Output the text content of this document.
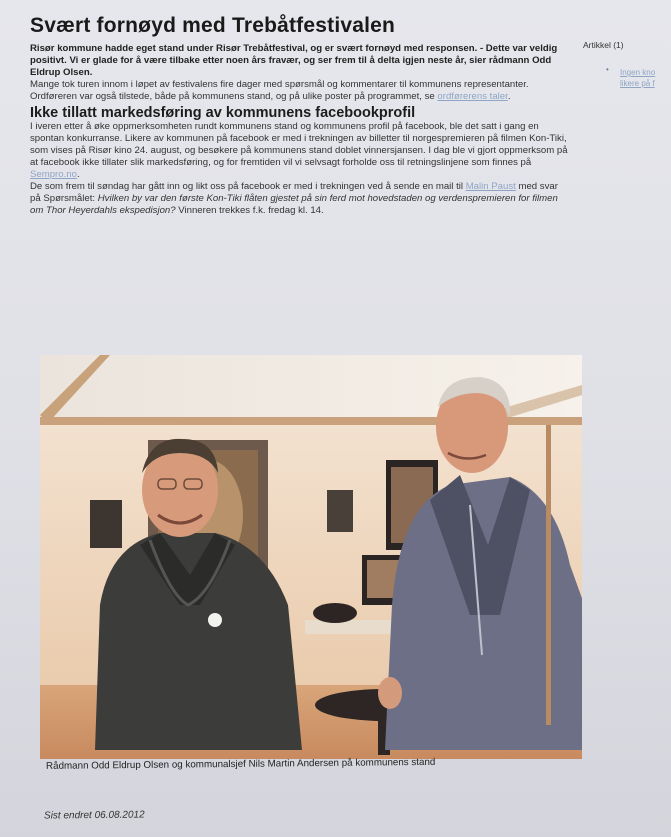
Svært fornøyd med Trebåtfestivalen

Risør kommune hadde eget stand under Risør Trebåtfestival, og er svært fornøyd med responsen. - Dette var veldig positivt. Vi er glade for å være tilbake etter noen års fravær, og ser frem til å delta igjen neste år, sier rådmann Odd Eldrup Olsen.

Mange tok turen innom i løpet av festivalens fire dager med spørsmål og kommentarer til kommunens representanter. Ordføreren var også tilstede, både på kommunens stand, og på ulike poster på programmet, se ordførerens taler.

Ikke tillatt markedsføring av kommunens facebookprofil

I iveren etter å øke oppmerksomheten rundt kommunens stand og kommunens profil på facebook, ble det satt i gang en spontan konkurranse. Likere av kommunen på facebook er med i trekningen av billetter til norgespremieren på filmen Kon-Tiki, som vises på Risør kino 24. august, og besøkere på kommunens stand doblet vinnersjansen. I dag ble vi gjort oppmerksom på at facebook ikke tillater slik markedsføring, og for fremtiden vil vi selvsagt forholde oss til retningslinjene som finnes på Sempro.no.

De som frem til søndag har gått inn og likt oss på facebook er med i trekningen ved å sende en mail til Malin Paust med svar på Spørsmålet: Hvilken by var den første Kon-Tiki flåten gjestet på sin ferd mot hovedstaden og verdenspremieren for filmen om Thor Heyerdahls ekspedisjon? Vinneren trekkes f.k. fredag kl. 14.

Rådmann Odd Eldrup Olsen og kommunalsjef Nils Martin Andersen på kommunens stand
Sist endret 06.08.2012
Artikkel (1)
• Ingen kno
likere på f
